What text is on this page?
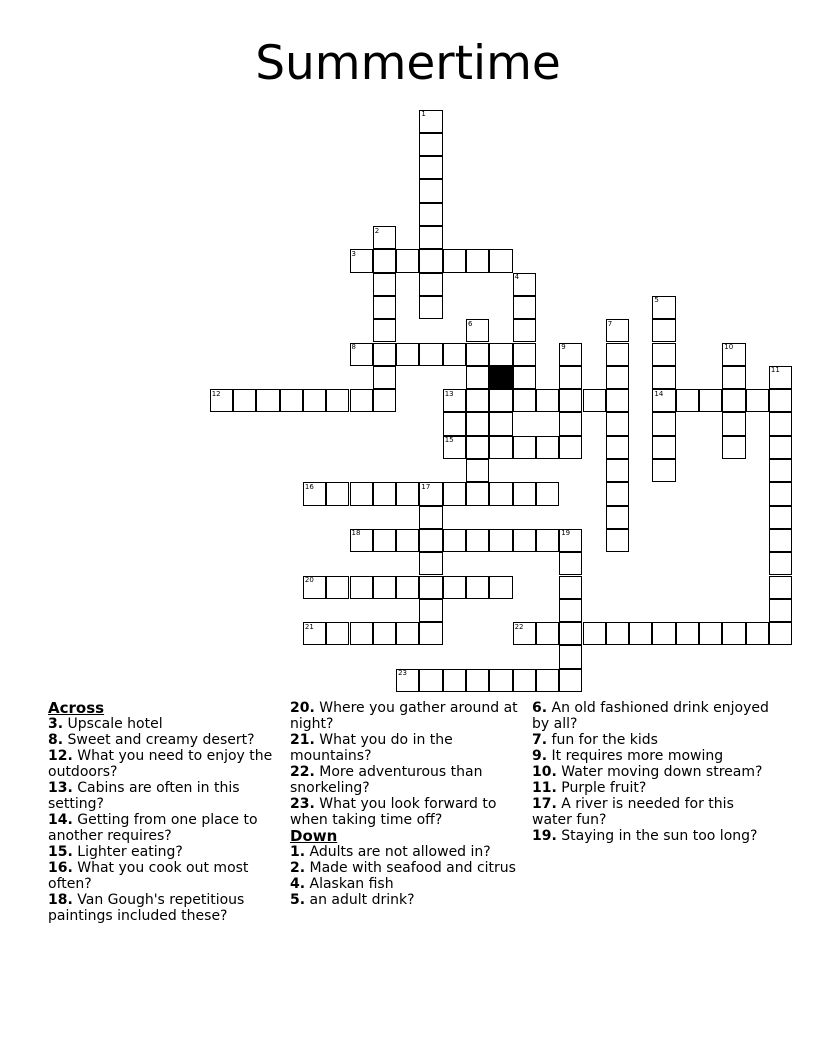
Summertime
1
2
3
4
5
6	7
8	9	10
11
12	13	14
15
16	17
18	19
20
21	22
23
Across
3. Upscale hotel
8. Sweet and creamy desert?
12. What you need to enjoy the outdoors?
13. Cabins are often in this setting?
14. Getting from one place to another requires?
15. Lighter eating?
16. What you cook out most often?
18. Van Gough's repetitious paintings included these?
20. Where you gather around at night?
21. What you do in the mountains?
22. More adventurous than snorkeling?
23. What you look forward to when taking time off?
Down
1. Adults are not allowed in?
2. Made with seafood and citrus
4. Alaskan fish
5. an adult drink?
6. An old fashioned drink enjoyed by all?
7. fun for the kids
9. It requires more mowing
10. Water moving down stream?
11. Purple fruit?
17. A river is needed for this water fun?
19. Staying in the sun too long?
